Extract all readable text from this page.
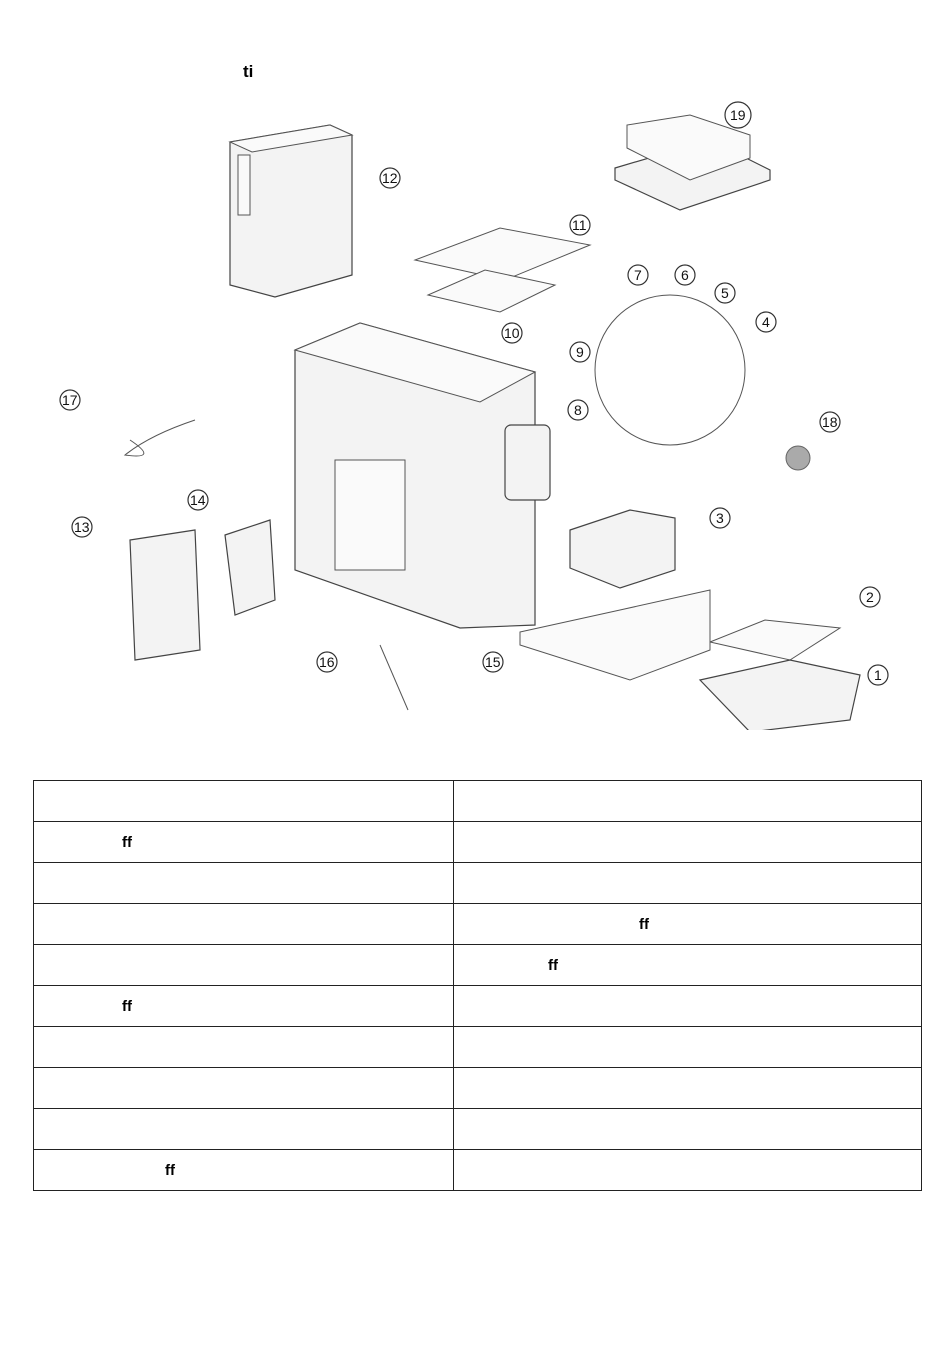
ti
19
12
11
10
9
8
7	6
5
4
18
3
2
1
15
16
17
13
14

ff	

	ff
	ff
ff	

ff	
